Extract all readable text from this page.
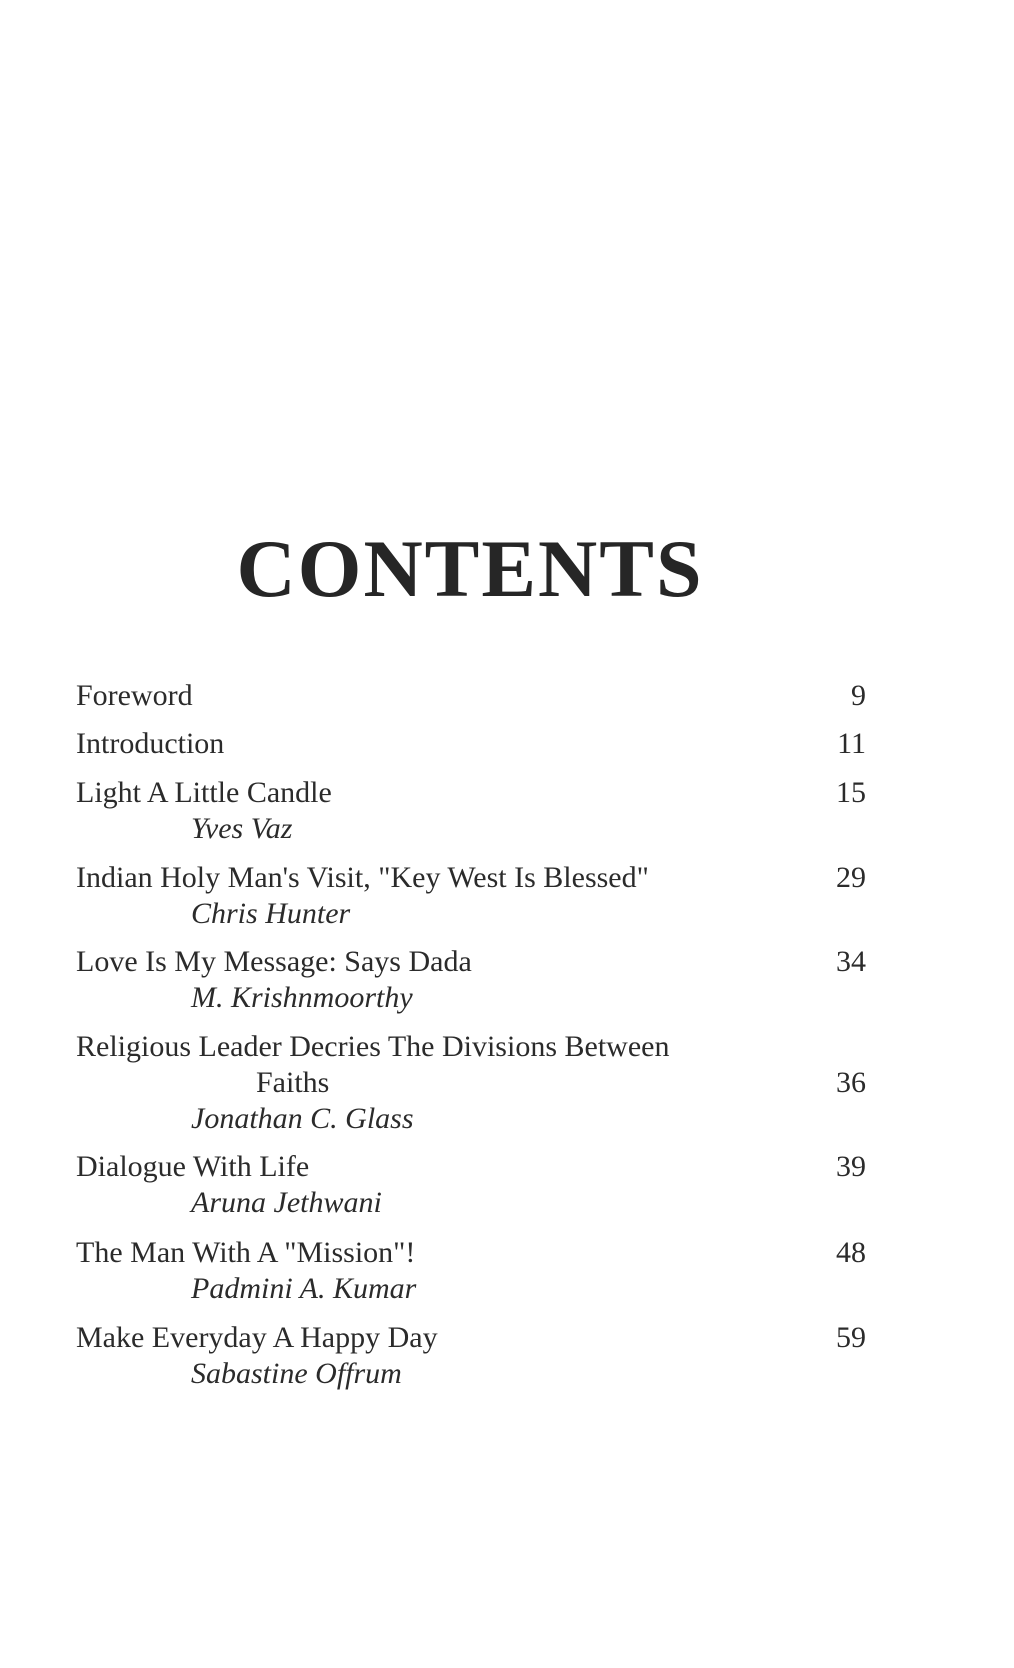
CONTENTS
Foreword	9
Introduction	11
Light A Little Candle
Yves Vaz
15
Indian Holy Man's Visit, "Key West Is Blessed"
Chris Hunter
29
Love Is My Message: Says Dada
M. Krishnmoorthy
34
Religious Leader Decries The Divisions Between
Faiths
Jonathan C. Glass
36
Dialogue With Life
Aruna Jethwani
39
The Man With A "Mission"!
Padmini A. Kumar
48
Make Everyday A Happy Day
Sabastine Offrum
59
